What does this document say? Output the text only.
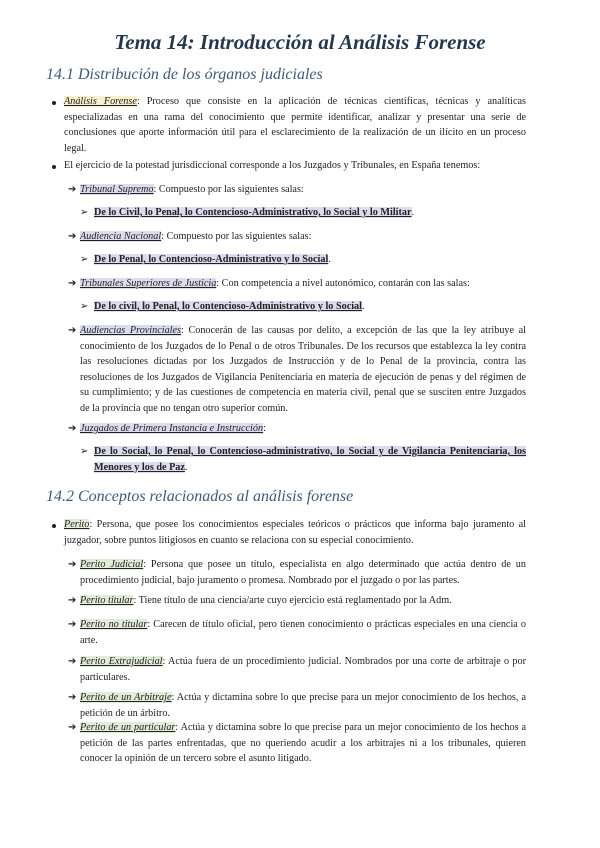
Tema 14: Introducción al Análisis Forense
14.1 Distribución de los órganos judiciales
Análisis Forense: Proceso que consiste en la aplicación de técnicas científicas, técnicas y analíticas especializadas en una rama del conocimiento que permite identificar, analizar y presentar una serie de conclusiones que aporte información útil para el esclarecimiento de la realización de un ilícito en un proceso legal.
El ejercicio de la potestad jurisdiccional corresponde a los Juzgados y Tribunales, en España tenemos:
➔ Tribunal Supremo: Compuesto por las siguientes salas:
➢ De lo Civil, lo Penal, lo Contencioso-Administrativo, lo Social y lo Militar.
➔ Audiencia Nacional: Compuesto por las siguientes salas:
➢ De lo Penal, lo Contencioso-Administrativo y lo Social.
➔ Tribunales Superiores de Justicia: Con competencia a nivel autonómico, contarán con las salas:
➢ De lo civil, lo Penal, lo Contencioso-Administrativo y lo Social.
➔ Audiencias Provinciales: Conocerán de las causas por delito, a excepción de las que la ley atribuye al conocimiento de los Juzgados de lo Penal o de otros Tribunales. De los recursos que establezca la ley contra las resoluciones dictadas por los Juzgados de Instrucción y de lo Penal de la provincia, contra las resoluciones de los Juzgados de Vigilancia Penitenciaria en materia de ejecución de penas y del régimen de su cumplimiento; y de las cuestiones de competencia en materia civil, penal que se susciten entre Juzgados de la provincia que no tengan otro superior común.
➔ Juzgados de Primera Instancia e Instrucción:
➢ De lo Social, lo Penal, lo Contencioso-administrativo, lo Social y de Vigilancia Penitenciaria, los Menores y los de Paz.
14.2 Conceptos relacionados al análisis forense
Perito: Persona, que posee los conocimientos especiales teóricos o prácticos que informa bajo juramento al juzgador, sobre puntos litigiosos en cuanto se relaciona con su especial conocimiento.
➔ Perito Judicial: Persona que posee un título, especialista en algo determinado que actúa dentro de un procedimiento judicial, bajo juramento o promesa. Nombrado por el juzgado o por las partes.
➔ Perito titular: Tiene título de una ciencia/arte cuyo ejercicio está reglamentado por la Adm.
➔ Perito no titular: Carecen de título oficial, pero tienen conocimiento o prácticas especiales en una ciencia o arte.
➔ Perito Extrajudicial: Actúa fuera de un procedimiento judicial. Nombrados por una corte de arbitraje o por particulares.
➔ Perito de un Arbitraje: Actúa y dictamina sobre lo que precise para un mejor conocimiento de los hechos, a petición de un árbitro.
➔ Perito de un particular: Actúa y dictamina sobre lo que precise para un mejor conocimiento de los hechos a petición de las partes enfrentadas, que no queriendo acudir a los arbitrajes ni a los tribunales, quieren conocer la opinión de un tercero sobre el asunto litigado.
